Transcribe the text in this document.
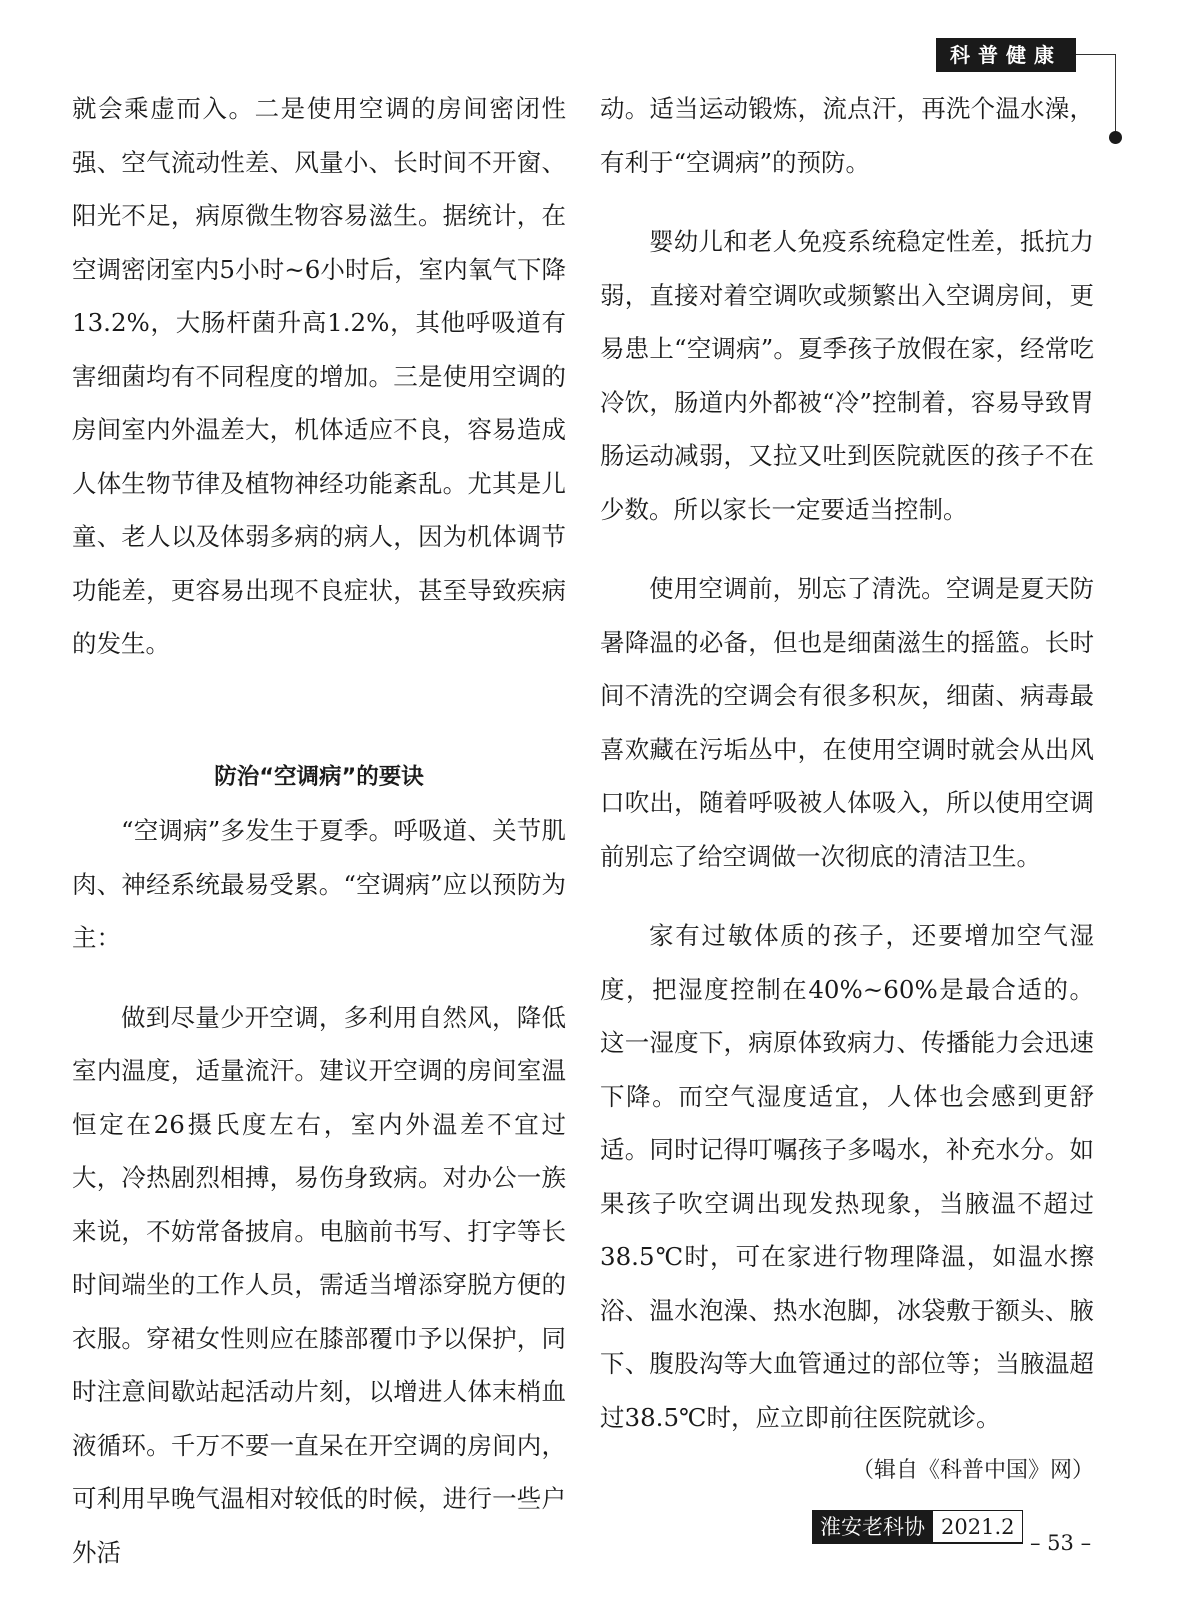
科普健康

就会乘虚而入。二是使用空调的房间密闭性强、空气流动性差、风量小、长时间不开窗、阳光不足，病原微生物容易滋生。据统计，在空调密闭室内5小时~6小时后，室内氧气下降13.2%，大肠杆菌升高1.2%，其他呼吸道有害细菌均有不同程度的增加。三是使用空调的房间室内外温差大，机体适应不良，容易造成人体生物节律及植物神经功能紊乱。尤其是儿童、老人以及体弱多病的病人，因为机体调节功能差，更容易出现不良症状，甚至导致疾病的发生。

防治“空调病”的要诀

“空调病”多发生于夏季。呼吸道、关节肌肉、神经系统最易受累。“空调病”应以预防为主：

做到尽量少开空调，多利用自然风，降低室内温度，适量流汗。建议开空调的房间室温恒定在26摄氏度左右，室内外温差不宜过大，冷热剧烈相搏，易伤身致病。对办公一族来说，不妨常备披肩。电脑前书写、打字等长时间端坐的工作人员，需适当增添穿脱方便的衣服。穿裙女性则应在膝部覆巾予以保护，同时注意间歇站起活动片刻，以增进人体末梢血液循环。千万不要一直呆在开空调的房间内，可利用早晚气温相对较低的时候，进行一些户外活

动。适当运动锻炼，流点汗，再洗个温水澡，有利于“空调病”的预防。

婴幼儿和老人免疫系统稳定性差，抵抗力弱，直接对着空调吹或频繁出入空调房间，更易患上“空调病”。夏季孩子放假在家，经常吃冷饮，肠道内外都被“冷”控制着，容易导致胃肠运动减弱，又拉又吐到医院就医的孩子不在少数。所以家长一定要适当控制。

使用空调前，别忘了清洗。空调是夏天防暑降温的必备，但也是细菌滋生的摇篮。长时间不清洗的空调会有很多积灰，细菌、病毒最喜欢藏在污垢丛中，在使用空调时就会从出风口吹出，随着呼吸被人体吸入，所以使用空调前别忘了给空调做一次彻底的清洁卫生。

家有过敏体质的孩子，还要增加空气湿度，把湿度控制在40%~60%是最合适的。这一湿度下，病原体致病力、传播能力会迅速下降。而空气湿度适宜，人体也会感到更舒适。同时记得叮嘱孩子多喝水，补充水分。如果孩子吹空调出现发热现象，当腋温不超过38.5℃时，可在家进行物理降温，如温水擦浴、温水泡澡、热水泡脚，冰袋敷于额头、腋下、腹股沟等大血管通过的部位等；当腋温超过38.5℃时，应立即前往医院就诊。
（辑自《科普中国》网）

淮安老科协 2021.2
– 53 –
